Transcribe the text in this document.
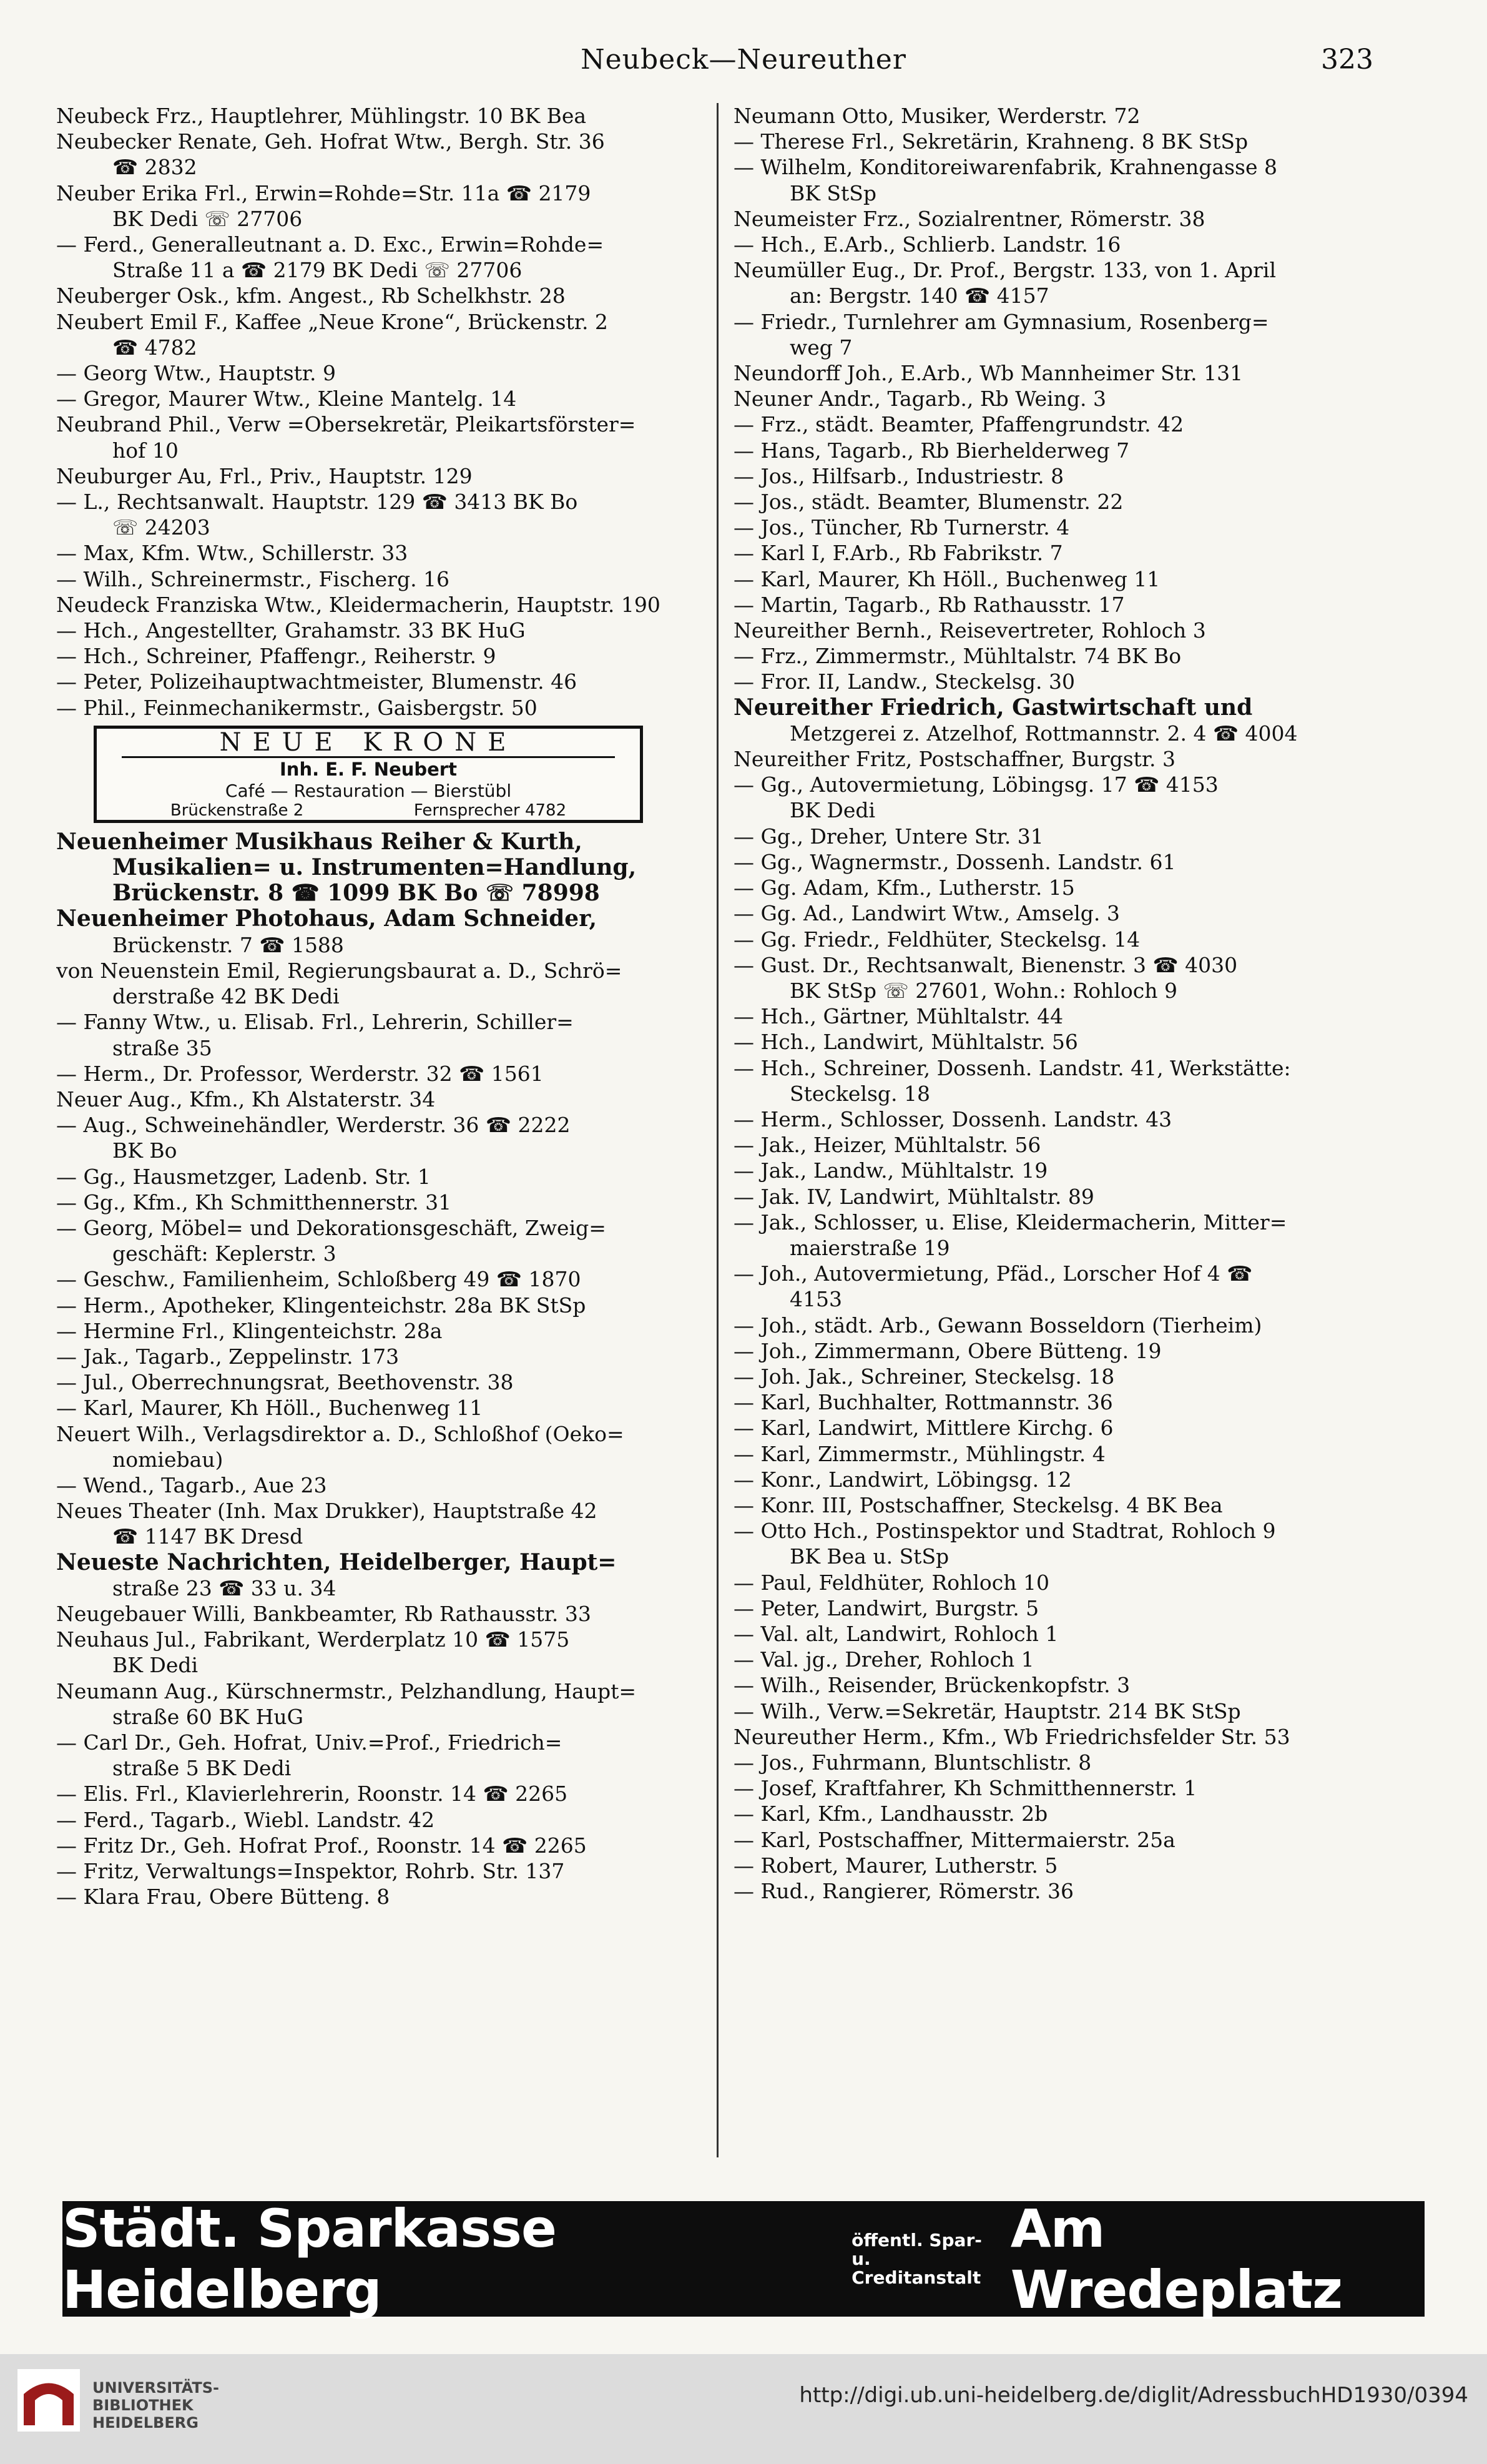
Neubeck—Neureuther	323
Neubeck Frz., Hauptlehrer, Mühlingstr. 10 BK Bea
Neubecker Renate, Geh. Hofrat Wtw., Bergh. Str. 36
☎ 2832
Neuber Erika Frl., Erwin=Rohde=Str. 11a ☎ 2179
BK Dedi ☏ 27706
— Ferd., Generalleutnant a. D. Exc., Erwin=Rohde=
Straße 11 a ☎ 2179 BK Dedi ☏ 27706
Neuberger Osk., kfm. Angest., Rb Schelkhstr. 28
Neubert Emil F., Kaffee „Neue Krone“, Brückenstr. 2
☎ 4782
— Georg Wtw., Hauptstr. 9
— Gregor, Maurer Wtw., Kleine Mantelg. 14
Neubrand Phil., Verw =Obersekretär, Pleikartsförster=
hof 10
Neuburger Au, Frl., Priv., Hauptstr. 129
— L., Rechtsanwalt. Hauptstr. 129 ☎ 3413 BK Bo
☏ 24203
— Max, Kfm. Wtw., Schillerstr. 33
— Wilh., Schreinermstr., Fischerg. 16
Neudeck Franziska Wtw., Kleidermacherin, Hauptstr. 190
— Hch., Angestellter, Grahamstr. 33 BK HuG
— Hch., Schreiner, Pfaffengr., Reiherstr. 9
— Peter, Polizeihauptwachtmeister, Blumenstr. 46
— Phil., Feinmechanikermstr., Gaisbergstr. 50
NEUE KRONE
Inh. E. F. Neubert
Café — Restauration — Bierstübl
Brückenstraße 2	Fernsprecher 4782
Neuenheimer Musikhaus Reiher & Kurth,
Musikalien= u. Instrumenten=Handlung,
Brückenstr. 8 ☎ 1099 BK Bo ☏ 78998
Neuenheimer Photohaus, Adam Schneider,
Brückenstr. 7 ☎ 1588
von Neuenstein Emil, Regierungsbaurat a. D., Schrö=
derstraße 42 BK Dedi
— Fanny Wtw., u. Elisab. Frl., Lehrerin, Schiller=
straße 35
— Herm., Dr. Professor, Werderstr. 32 ☎ 1561
Neuer Aug., Kfm., Kh Alstaterstr. 34
— Aug., Schweinehändler, Werderstr. 36 ☎ 2222
BK Bo
— Gg., Hausmetzger, Ladenb. Str. 1
— Gg., Kfm., Kh Schmitthennerstr. 31
— Georg, Möbel= und Dekorationsgeschäft, Zweig=
geschäft: Keplerstr. 3
— Geschw., Familienheim, Schloßberg 49 ☎ 1870
— Herm., Apotheker, Klingenteichstr. 28a BK StSp
— Hermine Frl., Klingenteichstr. 28a
— Jak., Tagarb., Zeppelinstr. 173
— Jul., Oberrechnungsrat, Beethovenstr. 38
— Karl, Maurer, Kh Höll., Buchenweg 11
Neuert Wilh., Verlagsdirektor a. D., Schloßhof (Oeko=
nomiebau)
— Wend., Tagarb., Aue 23
Neues Theater (Inh. Max Drukker), Hauptstraße 42
☎ 1147 BK Dresd
Neueste Nachrichten, Heidelberger, Haupt=
straße 23 ☎ 33 u. 34
Neugebauer Willi, Bankbeamter, Rb Rathausstr. 33
Neuhaus Jul., Fabrikant, Werderplatz 10 ☎ 1575
BK Dedi
Neumann Aug., Kürschnermstr., Pelzhandlung, Haupt=
straße 60 BK HuG
— Carl Dr., Geh. Hofrat, Univ.=Prof., Friedrich=
straße 5 BK Dedi
— Elis. Frl., Klavierlehrerin, Roonstr. 14 ☎ 2265
— Ferd., Tagarb., Wiebl. Landstr. 42
— Fritz Dr., Geh. Hofrat Prof., Roonstr. 14 ☎ 2265
— Fritz, Verwaltungs=Inspektor, Rohrb. Str. 137
— Klara Frau, Obere Bütteng. 8
Neumann Otto, Musiker, Werderstr. 72
— Therese Frl., Sekretärin, Krahneng. 8 BK StSp
— Wilhelm, Konditoreiwarenfabrik, Krahnengasse 8
BK StSp
Neumeister Frz., Sozialrentner, Römerstr. 38
— Hch., E.Arb., Schlierb. Landstr. 16
Neumüller Eug., Dr. Prof., Bergstr. 133, von 1. April
an: Bergstr. 140 ☎ 4157
— Friedr., Turnlehrer am Gymnasium, Rosenberg=
weg 7
Neundorff Joh., E.Arb., Wb Mannheimer Str. 131
Neuner Andr., Tagarb., Rb Weing. 3
— Frz., städt. Beamter, Pfaffengrundstr. 42
— Hans, Tagarb., Rb Bierhelderweg 7
— Jos., Hilfsarb., Industriestr. 8
— Jos., städt. Beamter, Blumenstr. 22
— Jos., Tüncher, Rb Turnerstr. 4
— Karl I, F.Arb., Rb Fabrikstr. 7
— Karl, Maurer, Kh Höll., Buchenweg 11
— Martin, Tagarb., Rb Rathausstr. 17
Neureither Bernh., Reisevertreter, Rohloch 3
— Frz., Zimmermstr., Mühltalstr. 74 BK Bo
— Fror. II, Landw., Steckelsg. 30
Neureither Friedrich, Gastwirtschaft und
Metzgerei z. Atzelhof, Rottmannstr. 2. 4 ☎ 4004
Neureither Fritz, Postschaffner, Burgstr. 3
— Gg., Autovermietung, Löbingsg. 17 ☎ 4153
BK Dedi
— Gg., Dreher, Untere Str. 31
— Gg., Wagnermstr., Dossenh. Landstr. 61
— Gg. Adam, Kfm., Lutherstr. 15
— Gg. Ad., Landwirt Wtw., Amselg. 3
— Gg. Friedr., Feldhüter, Steckelsg. 14
— Gust. Dr., Rechtsanwalt, Bienenstr. 3 ☎ 4030
BK StSp ☏ 27601, Wohn.: Rohloch 9
— Hch., Gärtner, Mühltalstr. 44
— Hch., Landwirt, Mühltalstr. 56
— Hch., Schreiner, Dossenh. Landstr. 41, Werkstätte:
Steckelsg. 18
— Herm., Schlosser, Dossenh. Landstr. 43
— Jak., Heizer, Mühltalstr. 56
— Jak., Landw., Mühltalstr. 19
— Jak. IV, Landwirt, Mühltalstr. 89
— Jak., Schlosser, u. Elise, Kleidermacherin, Mitter=
maierstraße 19
— Joh., Autovermietung, Pfäd., Lorscher Hof 4 ☎
4153
— Joh., städt. Arb., Gewann Bosseldorn (Tierheim)
— Joh., Zimmermann, Obere Bütteng. 19
— Joh. Jak., Schreiner, Steckelsg. 18
— Karl, Buchhalter, Rottmannstr. 36
— Karl, Landwirt, Mittlere Kirchg. 6
— Karl, Zimmermstr., Mühlingstr. 4
— Konr., Landwirt, Löbingsg. 12
— Konr. III, Postschaffner, Steckelsg. 4 BK Bea
— Otto Hch., Postinspektor und Stadtrat, Rohloch 9
BK Bea u. StSp
— Paul, Feldhüter, Rohloch 10
— Peter, Landwirt, Burgstr. 5
— Val. alt, Landwirt, Rohloch 1
— Val. jg., Dreher, Rohloch 1
— Wilh., Reisender, Brückenkopfstr. 3
— Wilh., Verw.=Sekretär, Hauptstr. 214 BK StSp
Neureuther Herm., Kfm., Wb Friedrichsfelder Str. 53
— Jos., Fuhrmann, Bluntschlistr. 8
— Josef, Kraftfahrer, Kh Schmitthennerstr. 1
— Karl, Kfm., Landhausstr. 2b
— Karl, Postschaffner, Mittermaierstr. 25a
— Robert, Maurer, Lutherstr. 5
— Rud., Rangierer, Römerstr. 36
Städt. Sparkasse Heidelberg
öffentl. Spar- u.
Creditanstalt
Am Wredeplatz
UNIVERSITÄTS-
BIBLIOTHEK
HEIDELBERG
http://digi.ub.uni-heidelberg.de/diglit/AdressbuchHD1930/0394
